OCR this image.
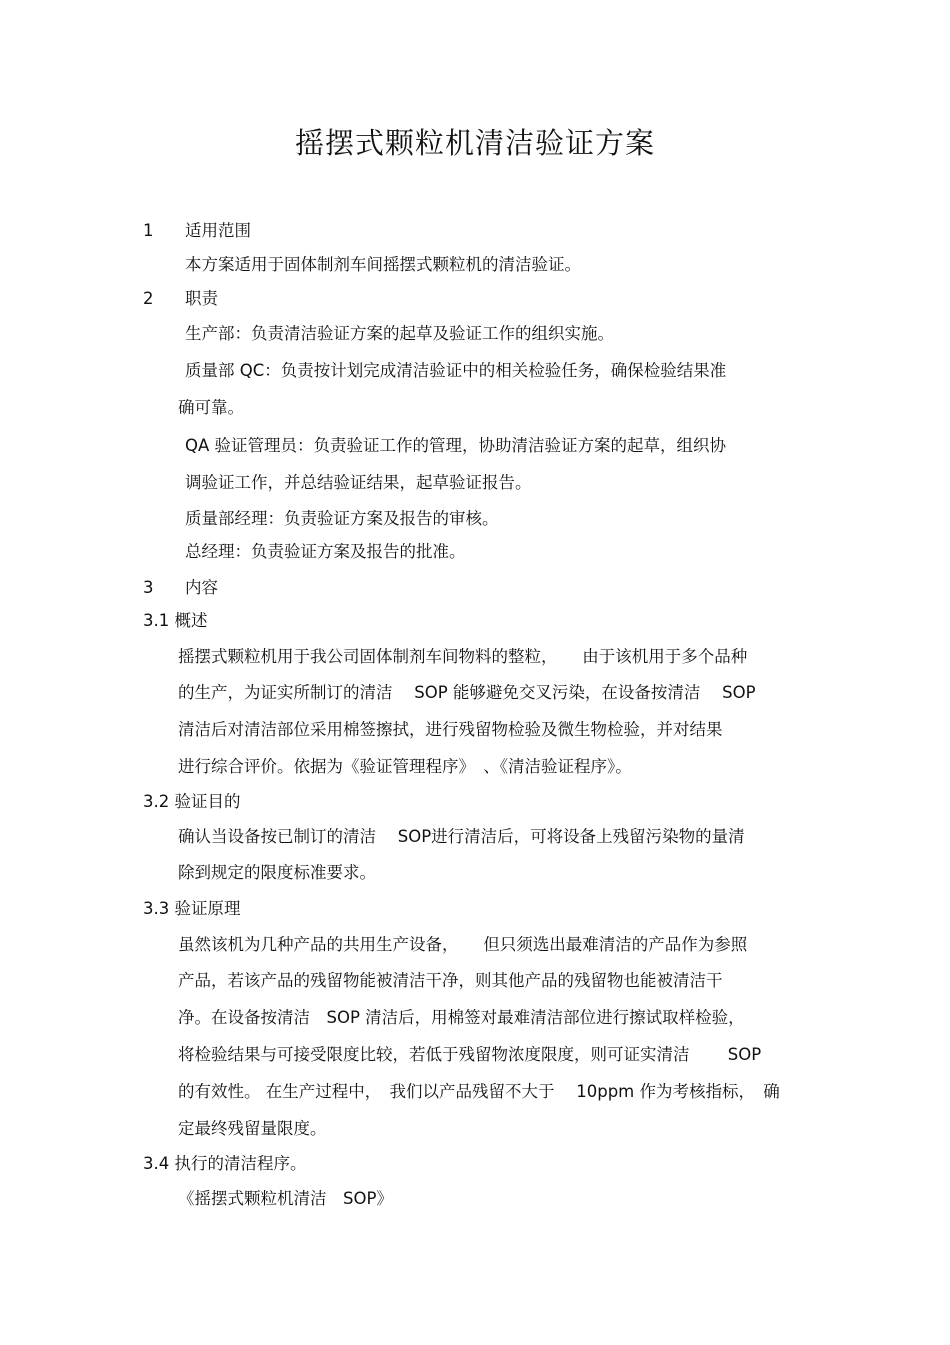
摇摆式颗粒机清洁验证方案
1 适用范围
本方案适用于固体制剂车间摇摆式颗粒机的清洁验证。
2 职责
生产部：负责清洁验证方案的起草及验证工作的组织实施。
质量部 QC：负责按计划完成清洁验证中的相关检验任务，确保检验结果准
确可靠。
QA 验证管理员：负责验证工作的管理，协助清洁验证方案的起草，组织协
调验证工作，并总结验证结果，起草验证报告。
质量部经理：负责验证方案及报告的审核。
总经理：负责验证方案及报告的批准。
3 内容
3.1 概述
摇摆式颗粒机用于我公司固体制剂车间物料的整粒，　　由于该机用于多个品种
的生产，为证实所制订的清洁　 SOP 能够避免交叉污染，在设备按清洁　 SOP
清洁后对清洁部位采用棉签擦拭，进行残留物检验及微生物检验，并对结果
进行综合评价。依据为《验证管理程序》　、《清洁验证程序》。
3.2 验证目的
确认当设备按已制订的清洁　 SOP进行清洁后，可将设备上残留污染物的量清
除到规定的限度标准要求。
3.3 验证原理
虽然该机为几种产品的共用生产设备，　　但只须选出最难清洁的产品作为参照
产品，若该产品的残留物能被清洁干净，则其他产品的残留物也能被清洁干
净。在设备按清洁　SOP 清洁后，用棉签对最难清洁部位进行擦试取样检验，
将检验结果与可接受限度比较，若低于残留物浓度限度，则可证实清洁　　 SOP
的有效性。 在生产过程中，　我们以产品残留不大于　 10ppm 作为考核指标，　确
定最终残留量限度。
3.4 执行的清洁程序。
《摇摆式颗粒机清洁　SOP》
